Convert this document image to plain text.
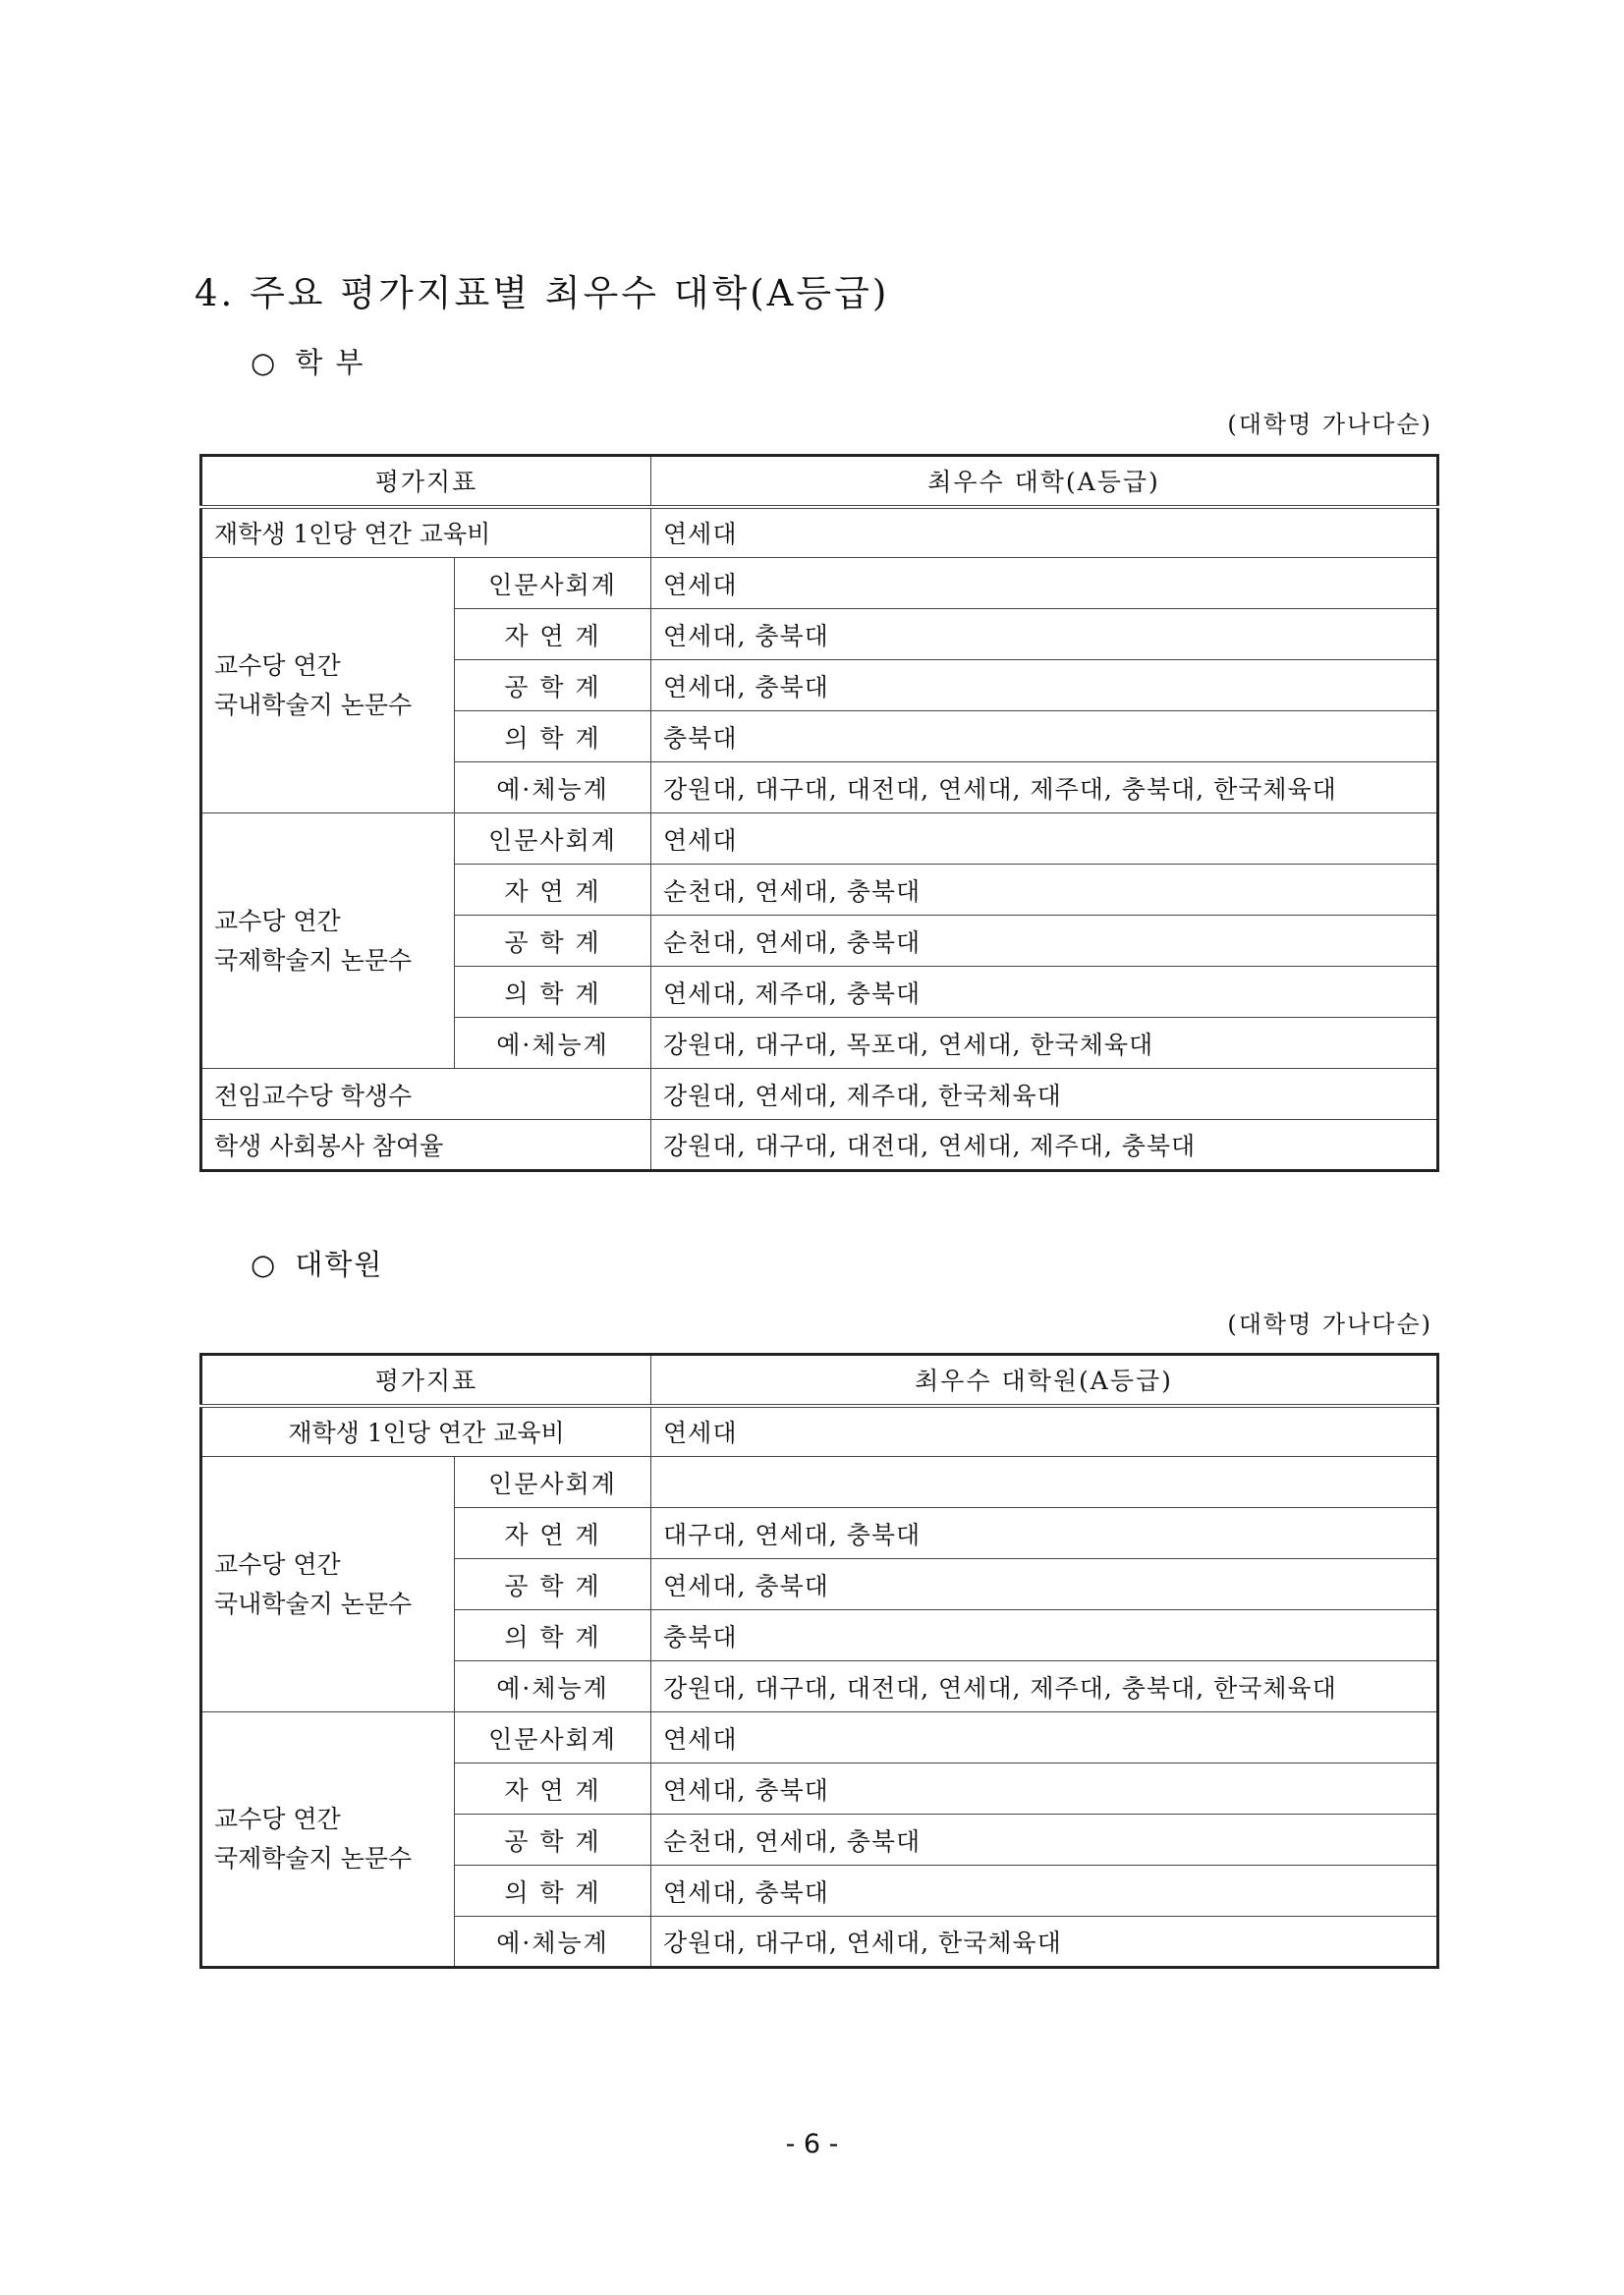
4. 주요 평가지표별 최우수 대학(A등급)
○ 학 부
(대학명 가나다순)
평가지표		최우수 대학(A등급)
재학생 1인당 연간 교육비		연세대
교수당 연간
국내학술지 논문수	인문사회계	연세대
	자 연 계	연세대, 충북대
	공 학 계	연세대, 충북대
	의 학 계	충북대
	예·체능계	강원대, 대구대, 대전대, 연세대, 제주대, 충북대, 한국체육대
교수당 연간
국제학술지 논문수	인문사회계	연세대
	자 연 계	순천대, 연세대, 충북대
	공 학 계	순천대, 연세대, 충북대
	의 학 계	연세대, 제주대, 충북대
	예·체능계	강원대, 대구대, 목포대, 연세대, 한국체육대
전임교수당 학생수		강원대, 연세대, 제주대, 한국체육대
학생 사회봉사 참여율		강원대, 대구대, 대전대, 연세대, 제주대, 충북대
○ 대학원
(대학명 가나다순)
평가지표		최우수 대학원(A등급)
재학생 1인당 연간 교육비		연세대
교수당 연간
국내학술지 논문수	인문사회계	
	자 연 계	대구대, 연세대, 충북대
	공 학 계	연세대, 충북대
	의 학 계	충북대
	예·체능계	강원대, 대구대, 대전대, 연세대, 제주대, 충북대, 한국체육대
교수당 연간
국제학술지 논문수	인문사회계	연세대
	자 연 계	연세대, 충북대
	공 학 계	순천대, 연세대, 충북대
	의 학 계	연세대, 충북대
	예·체능계	강원대, 대구대, 연세대, 한국체육대
- 6 -
